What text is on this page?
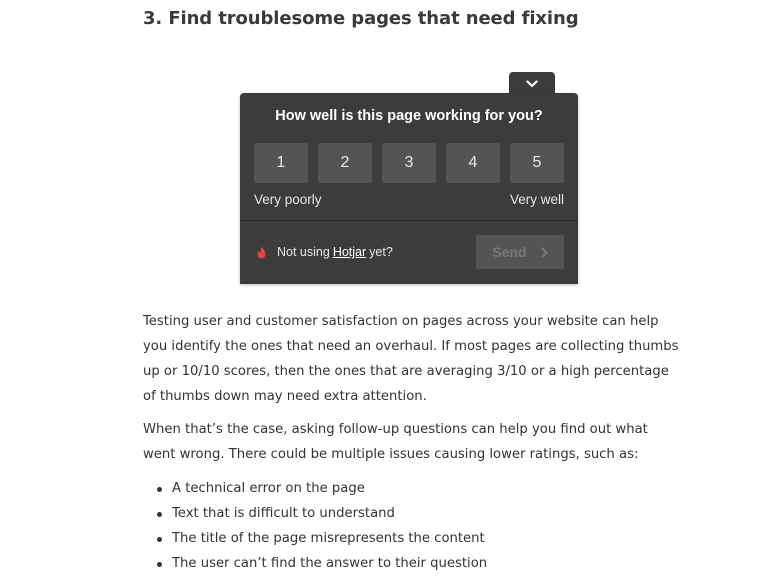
3. Find troublesome pages that need fixing
How well is this page working for you?
1	2	3	4	5
Very poorly	Very well
Not using Hotjar yet?	Send

Testing user and customer satisfaction on pages across your website can help you identify the ones that need an overhaul. If most pages are collecting thumbs up or 10/10 scores, then the ones that are averaging 3/10 or a high percentage of thumbs down may need extra attention.

When that’s the case, asking follow-up questions can help you find out what went wrong. There could be multiple issues causing lower ratings, such as:

A technical error on the page
Text that is difficult to understand
The title of the page misrepresents the content
The user can’t find the answer to their question
